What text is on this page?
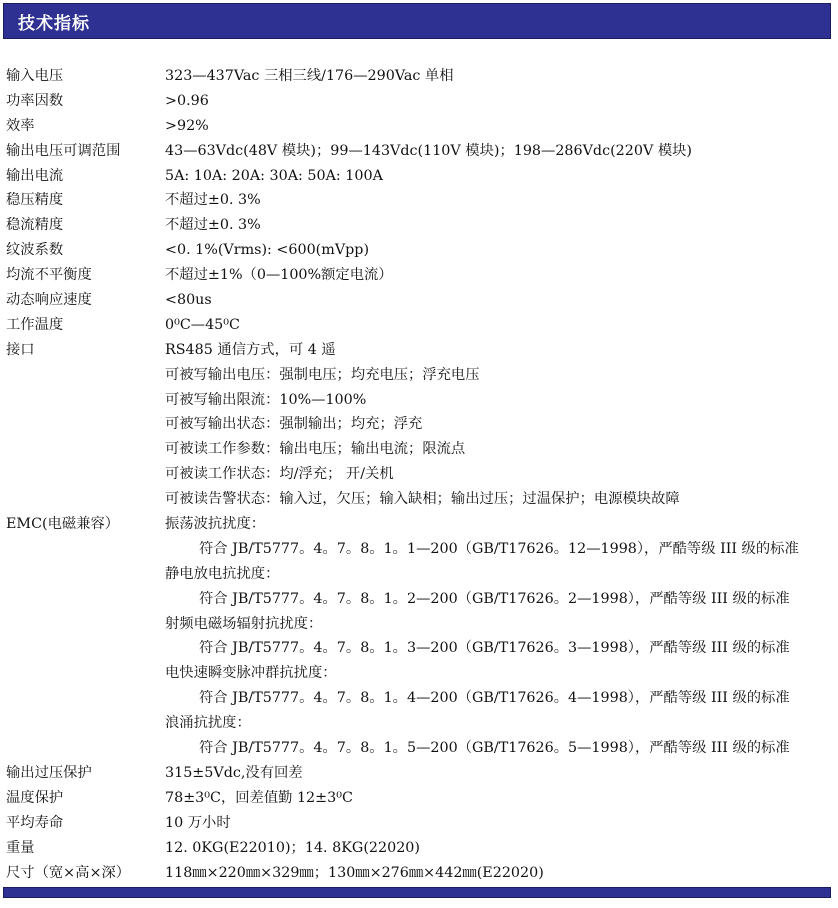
技术指标
输入电压	323—437Vac 三相三线/176—290Vac 单相
功率因数	>0.96
效率	>92%
输出电压可调范围	43—63Vdc(48V 模块)；99—143Vdc(110V 模块)；198—286Vdc(220V 模块)
输出电流	5A: 10A: 20A: 30A: 50A: 100A
稳压精度	不超过±0. 3%
稳流精度	不超过±0. 3%
纹波系数	<0. 1%(Vrms): <600(mVpp)
均流不平衡度	不超过±1%（0—100%额定电流）
动态响应速度	<80us
工作温度	0⁰C—45⁰C
接口	RS485 通信方式，可 4 遥
可被写输出电压：强制电压；均充电压；浮充电压
可被写输出限流：10%—100%
可被写输出状态：强制输出；均充；浮充
可被读工作参数：输出电压；输出电流；限流点
可被读工作状态：均/浮充； 开/关机
可被读告警状态：输入过，欠压；输入缺相；输出过压；过温保护；电源模块故障
EMC(电磁兼容）	振荡波抗扰度：
符合 JB/T5777。4。7。8。1。1—200（GB/T17626。12—1998），严酷等级 III 级的标准
静电放电抗扰度：
符合 JB/T5777。4。7。8。1。2—200（GB/T17626。2—1998），严酷等级 III 级的标准
射频电磁场辐射抗扰度：
符合 JB/T5777。4。7。8。1。3—200（GB/T17626。3—1998），严酷等级 III 级的标准
电快速瞬变脉冲群抗扰度：
符合 JB/T5777。4。7。8。1。4—200（GB/T17626。4—1998），严酷等级 III 级的标准
浪涌抗扰度：
符合 JB/T5777。4。7。8。1。5—200（GB/T17626。5—1998），严酷等级 III 级的标准
输出过压保护	315±5Vdc,没有回差
温度保护	78±3⁰C，回差值勤 12±3⁰C
平均寿命	10 万小时
重量	12. 0KG(E22010)；14. 8KG(22020)
尺寸（宽×高×深）	118㎜×220㎜×329㎜；130㎜×276㎜×442㎜(E22020)
